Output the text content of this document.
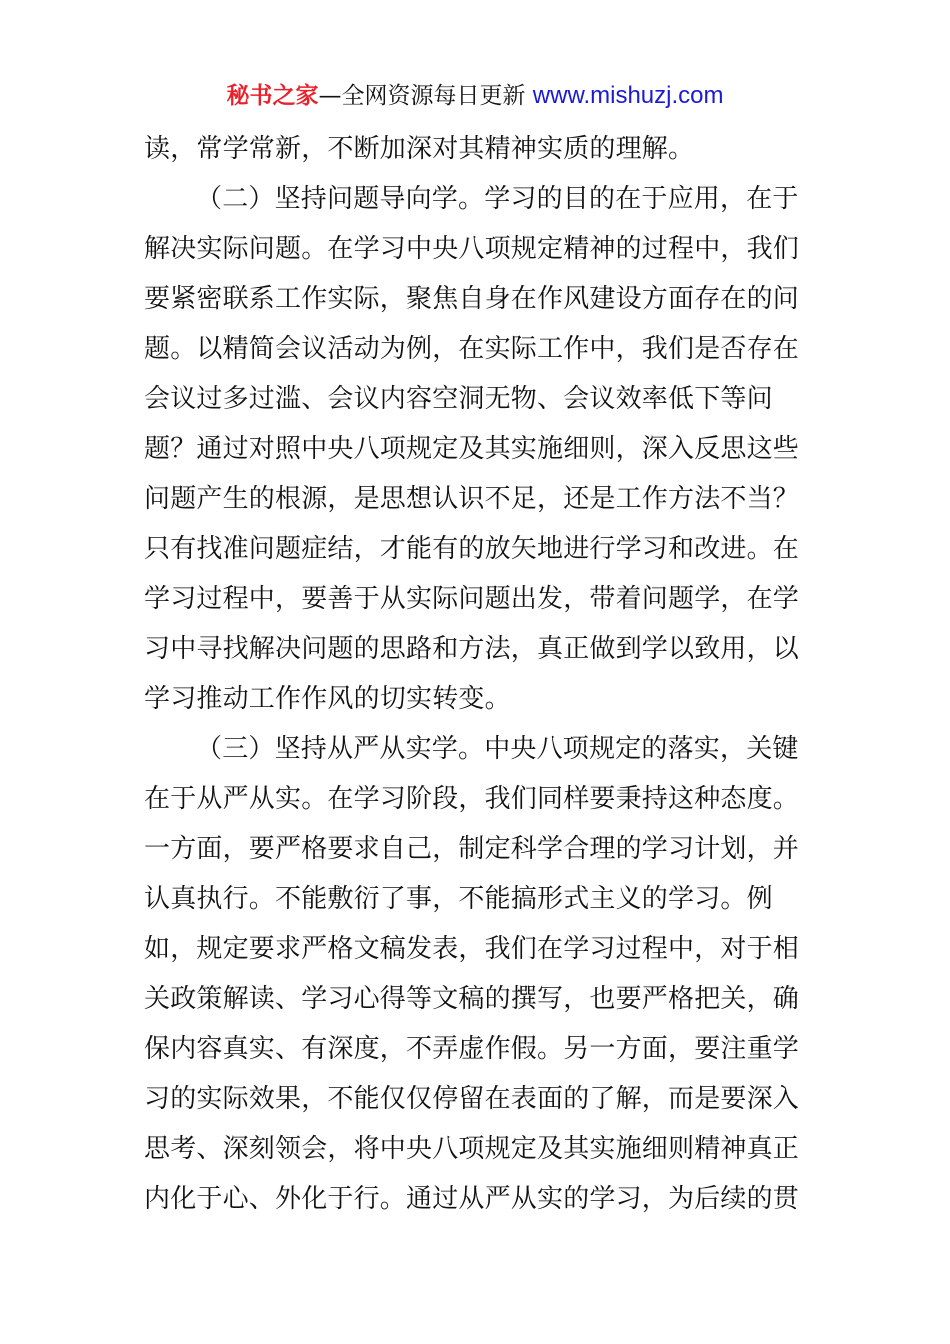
秘书之家—全网资源每日更新 www.mishuzj.com
读，常学常新，不断加深对其精神实质的理解。
（二）坚持问题导向学。学习的目的在于应用，在于
解决实际问题。在学习中央八项规定精神的过程中，我们
要紧密联系工作实际，聚焦自身在作风建设方面存在的问
题。以精简会议活动为例，在实际工作中，我们是否存在
会议过多过滥、会议内容空洞无物、会议效率低下等问
题？通过对照中央八项规定及其实施细则，深入反思这些
问题产生的根源，是思想认识不足，还是工作方法不当？
只有找准问题症结，才能有的放矢地进行学习和改进。在
学习过程中，要善于从实际问题出发，带着问题学，在学
习中寻找解决问题的思路和方法，真正做到学以致用，以
学习推动工作作风的切实转变。
（三）坚持从严从实学。中央八项规定的落实，关键
在于从严从实。在学习阶段，我们同样要秉持这种态度。
一方面，要严格要求自己，制定科学合理的学习计划，并
认真执行。不能敷衍了事，不能搞形式主义的学习。例
如，规定要求严格文稿发表，我们在学习过程中，对于相
关政策解读、学习心得等文稿的撰写，也要严格把关，确
保内容真实、有深度，不弄虚作假。另一方面，要注重学
习的实际效果，不能仅仅停留在表面的了解，而是要深入
思考、深刻领会，将中央八项规定及其实施细则精神真正
内化于心、外化于行。通过从严从实的学习，为后续的贯
